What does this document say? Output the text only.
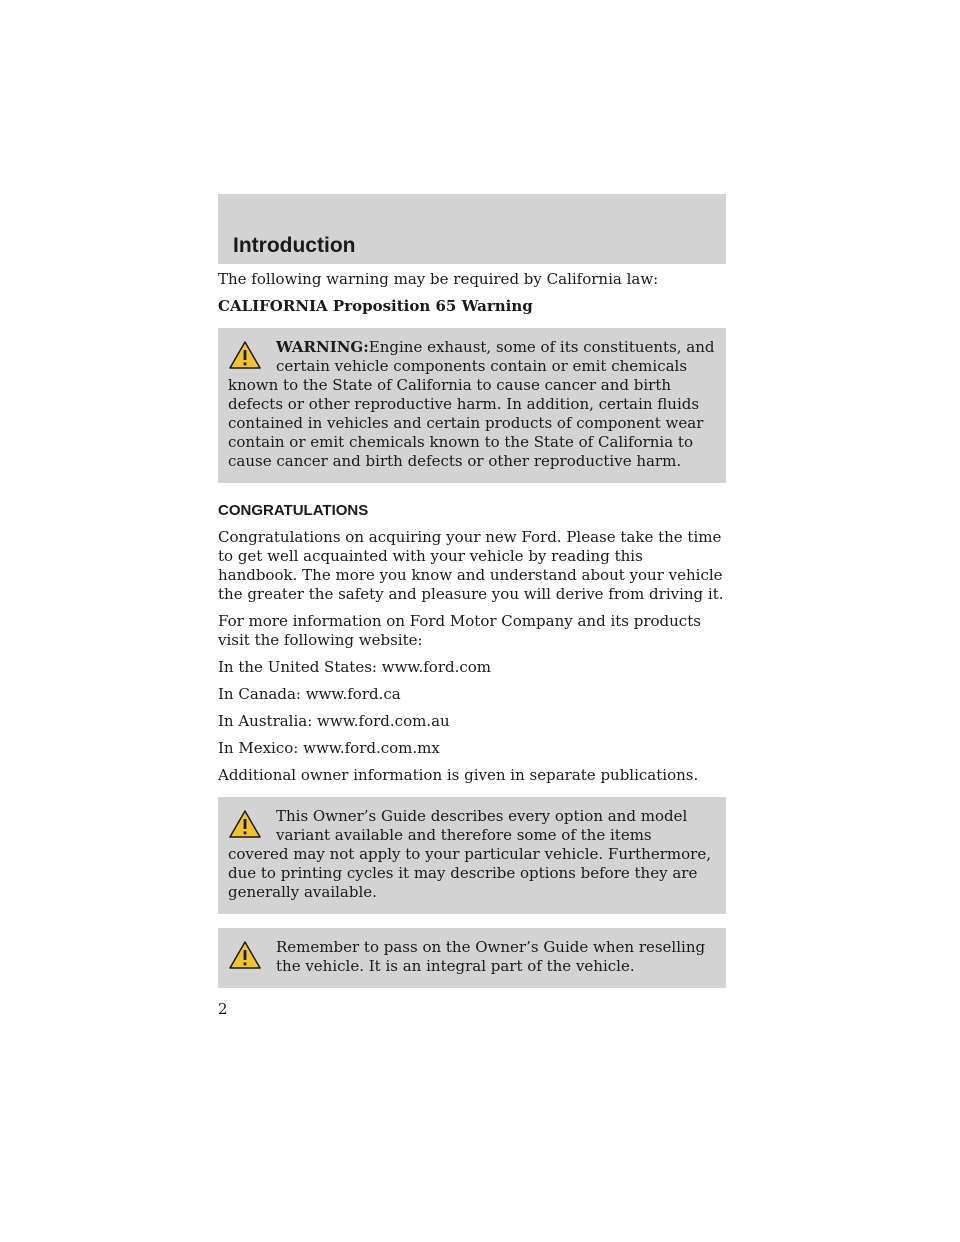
Introduction

The following warning may be required by California law:

CALIFORNIA Proposition 65 Warning

WARNING:Engine exhaust, some of its constituents, and certain vehicle components contain or emit chemicals known to the State of California to cause cancer and birth defects or other reproductive harm. In addition, certain fluids contained in vehicles and certain products of component wear contain or emit chemicals known to the State of California to cause cancer and birth defects or other reproductive harm.

CONGRATULATIONS

Congratulations on acquiring your new Ford. Please take the time to get well acquainted with your vehicle by reading this handbook. The more you know and understand about your vehicle the greater the safety and pleasure you will derive from driving it.

For more information on Ford Motor Company and its products visit the following website:

In the United States: www.ford.com

In Canada: www.ford.ca

In Australia: www.ford.com.au

In Mexico: www.ford.com.mx

Additional owner information is given in separate publications.

This Owner’s Guide describes every option and model variant available and therefore some of the items covered may not apply to your particular vehicle. Furthermore, due to printing cycles it may describe options before they are generally available.

Remember to pass on the Owner’s Guide when reselling the vehicle. It is an integral part of the vehicle.

2
